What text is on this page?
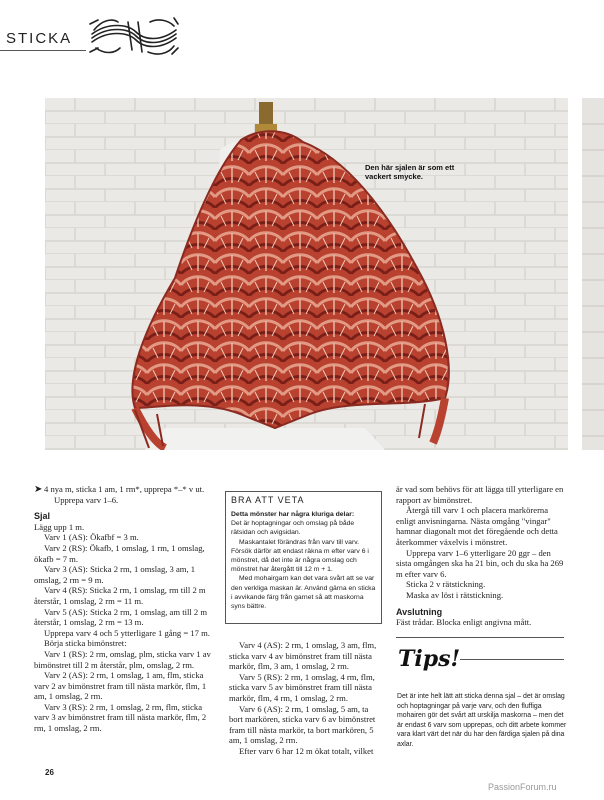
STICKA
Den här sjalen är som ett vackert smycke.
➤ 4 nya m, sticka 1 am, 1 rm*, upprepa *–* v ut.

Upprepa varv 1–6.

Sjal

Lägg upp 1 m.

Varv 1 (AS): Ökafbf = 3 m.

Varv 2 (RS): Ökafb, 1 omslag, 1 rm, 1 omslag, ökafb = 7 m.

Varv 3 (AS): Sticka 2 rm, 1 omslag, 3 am, 1 omslag, 2 rm = 9 m.

Varv 4 (RS): Sticka 2 rm, 1 omslag, rm till 2 m återstår, 1 omslag, 2 rm = 11 m.

Varv 5 (AS): Sticka 2 rm, 1 omslag, am till 2 m återstår, 1 omslag, 2 rm = 13 m.

Upprepa varv 4 och 5 ytterligare 1 gång = 17 m.

Börja sticka bimönstret:

Varv 1 (RS): 2 rm, omslag, plm, sticka varv 1 av bimönstret till 2 m återstår, plm, omslag, 2 rm.

Varv 2 (AS): 2 rm, 1 omslag, 1 am, flm, sticka varv 2 av bimönstret fram till nästa markör, flm, 1 am, 1 omslag, 2 rm.

Varv 3 (RS): 2 rm, 1 omslag, 2 rm, flm, sticka varv 3 av bimönstret fram till nästa markör, flm, 2 rm, 1 omslag, 2 rm.

BRA ATT VETA

Detta mönster har några kluriga delar:

Det är hoptagningar och omslag på både rätsidan och avigsidan.

Maskantalet förändras från varv till varv. Försök därför att endast räkna m efter varv 6 i mönstret, då det inte är några omslag och mönstret har återgått till 12 m + 1.

Med mohairgarn kan det vara svårt att se var den verkliga maskan är. Använd gärna en sticka i avvikande färg från garnet så att maskorna syns bättre.

Varv 4 (AS): 2 rm, 1 omslag, 3 am, flm, sticka varv 4 av bimönstret fram till nästa markör, flm, 3 am, 1 omslag, 2 rm.

Varv 5 (RS): 2 rm, 1 omslag, 4 rm, flm, sticka varv 5 av bimönstret fram till nästa markör, flm, 4 rm, 1 omslag, 2 rm.

Varv 6 (AS): 2 rm, 1 omslag, 5 am, ta bort markören, sticka varv 6 av bimönstret fram till nästa markör, ta bort markören, 5 am, 1 omslag, 2 rm.

Efter varv 6 har 12 m ökat totalt, vilket

är vad som behövs för att lägga till ytterligare en rapport av bimönstret.

Återgå till varv 1 och placera markörerna enligt anvisningarna. Nästa omgång "vingar" hamnar diagonalt mot det föregående och detta återkommer växelvis i mönstret.

Upprepa varv 1–6 ytterligare 20 ggr – den sista omgången ska ha 21 bin, och du ska ha 269 m efter varv 6.

Sticka 2 v rätstickning.

Maska av löst i rätstickning.

Avslutning

Fäst trådar. Blocka enligt angivna mått.

Tips!
Det är inte helt lätt att sticka denna sjal – det är omslag och hoptagningar på varje varv, och den fluffiga mohairen gör det svårt att urskilja maskorna – men det är endast 6 varv som upprepas, och ditt arbete kommer vara klart värt det när du har den färdiga sjalen på dina axlar.
26
PassionForum.ru
